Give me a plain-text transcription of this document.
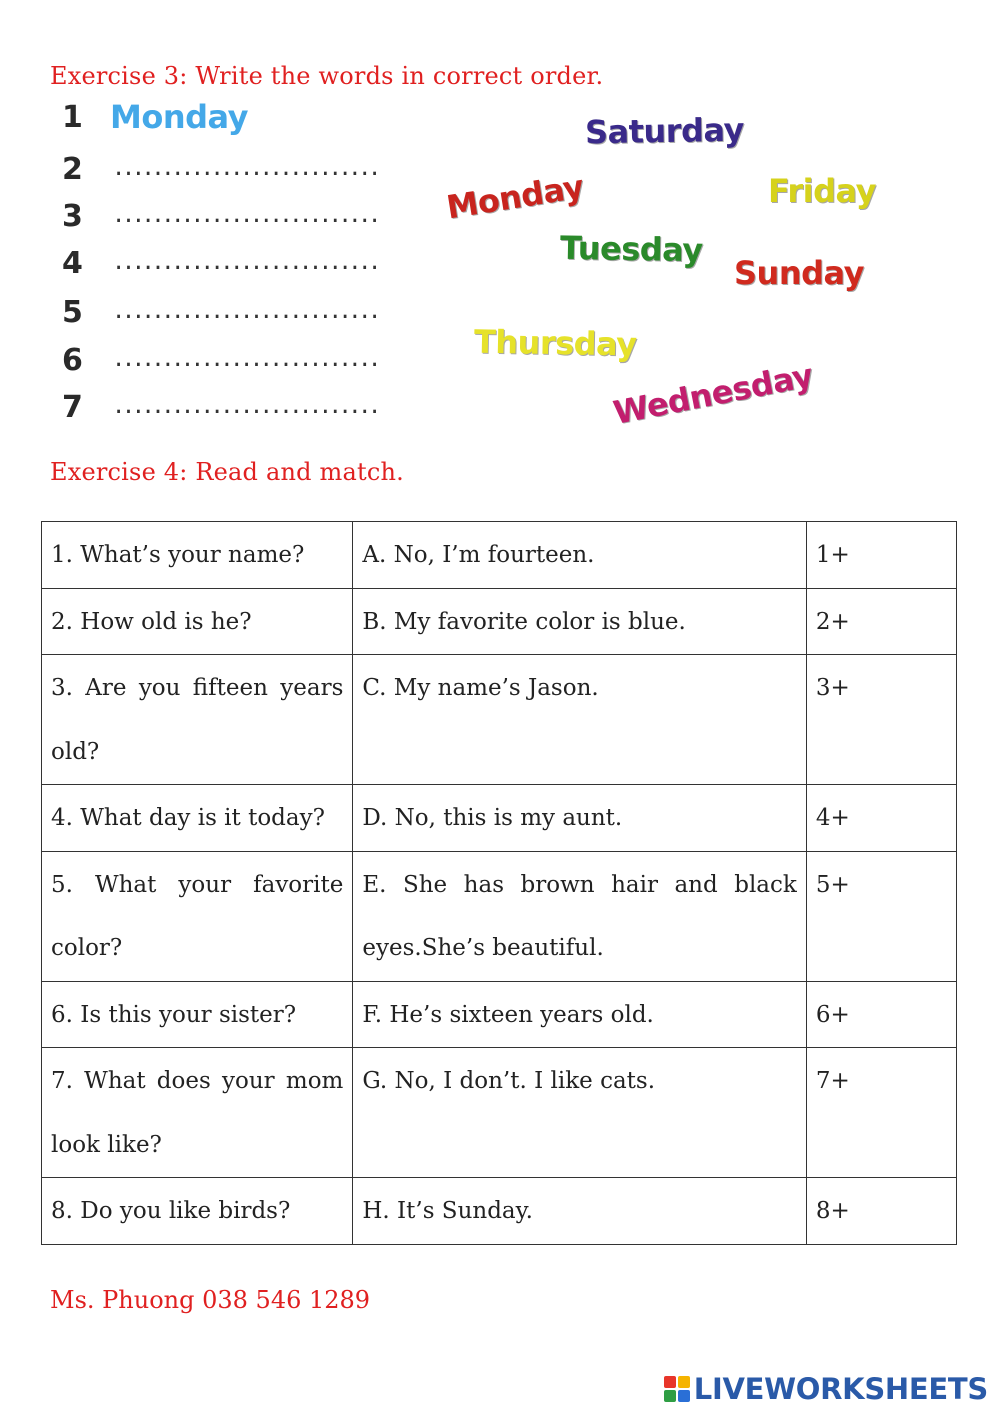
Exercise 3: Write the words in correct order.
1 Monday
2	...........................
3	...........................
4	...........................
5	...........................
6	...........................
7	...........................
Saturday
Monday	Friday
Tuesday
Sunday
Thursday
Wednesday
Exercise 4: Read and match.
1. What’s your name?	A. No, I’m fourteen.	1+
2. How old is he?	B. My favorite color is blue.	2+
3. Are you fifteen years old?	C. My name’s Jason.	3+
4. What day is it today?	D. No, this is my aunt.	4+
5. What your favorite color?	E. She has brown hair and black eyes.She’s beautiful.	5+
6. Is this your sister?	F. He’s sixteen years old.	6+
7. What does your mom look like?	G. No, I don’t. I like cats.	7+
8. Do you like birds?	H. It’s Sunday.	8+
Ms. Phuong 038 546 1289
LIVEWORKSHEETS
